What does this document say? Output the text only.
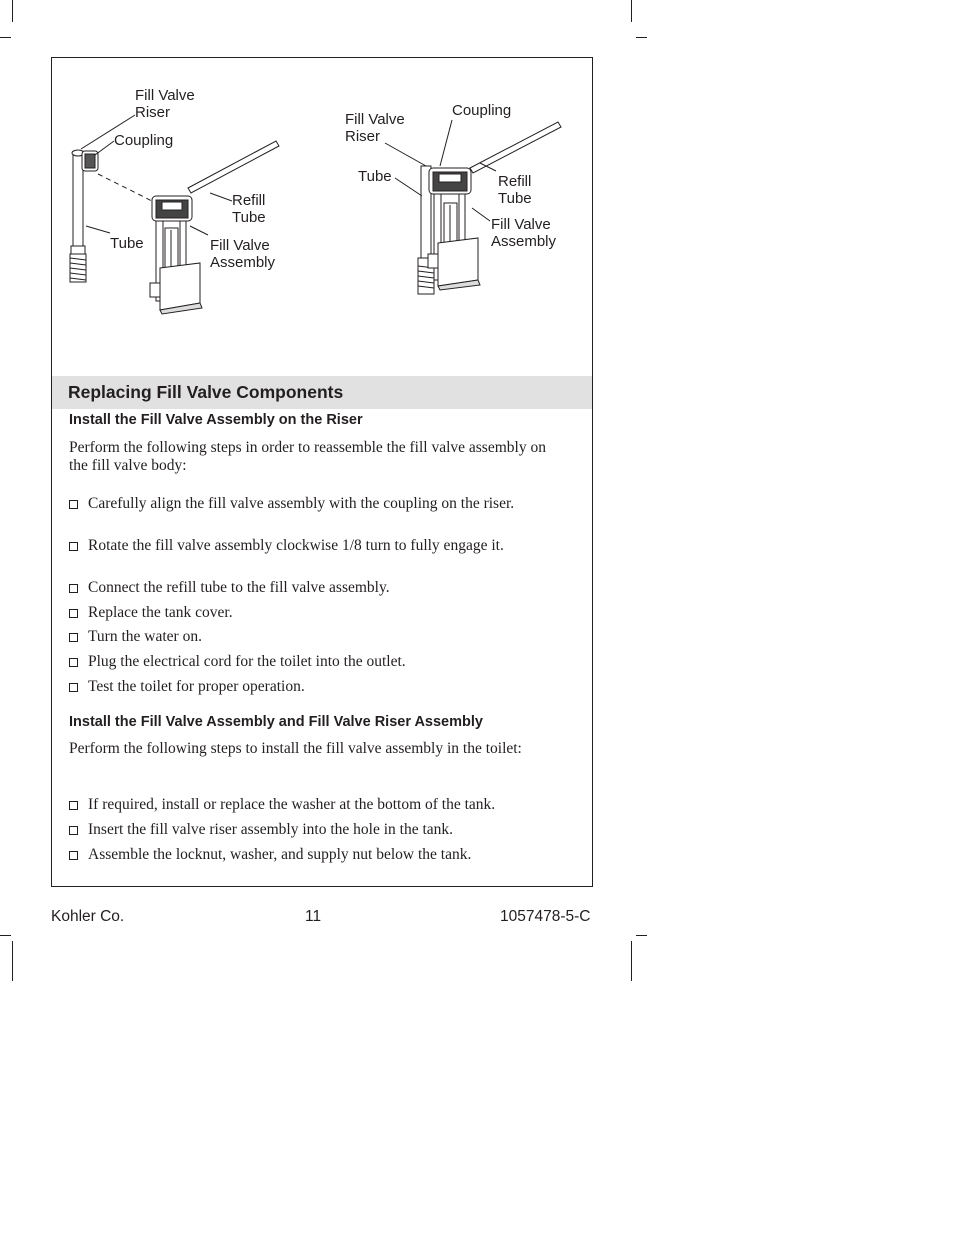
Fill Valve
Riser
Coupling
Refill
Tube
Tube	Fill Valve
Assembly
Fill Valve
Riser
Coupling
Tube	Refill
Tube
Fill Valve
Assembly
Replacing Fill Valve Components
Install the Fill Valve Assembly on the Riser
Perform the following steps in order to reassemble the fill valve assembly on the fill valve body:
Carefully align the fill valve assembly with the coupling on the riser.
Rotate the fill valve assembly clockwise 1/8 turn to fully engage it.
Connect the refill tube to the fill valve assembly.
Replace the tank cover.
Turn the water on.
Plug the electrical cord for the toilet into the outlet.
Test the toilet for proper operation.
Install the Fill Valve Assembly and Fill Valve Riser Assembly
Perform the following steps to install the fill valve assembly in the toilet:
If required, install or replace the washer at the bottom of the tank.
Insert the fill valve riser assembly into the hole in the tank.
Assemble the locknut, washer, and supply nut below the tank.
Kohler Co.	11	1057478-5-C
